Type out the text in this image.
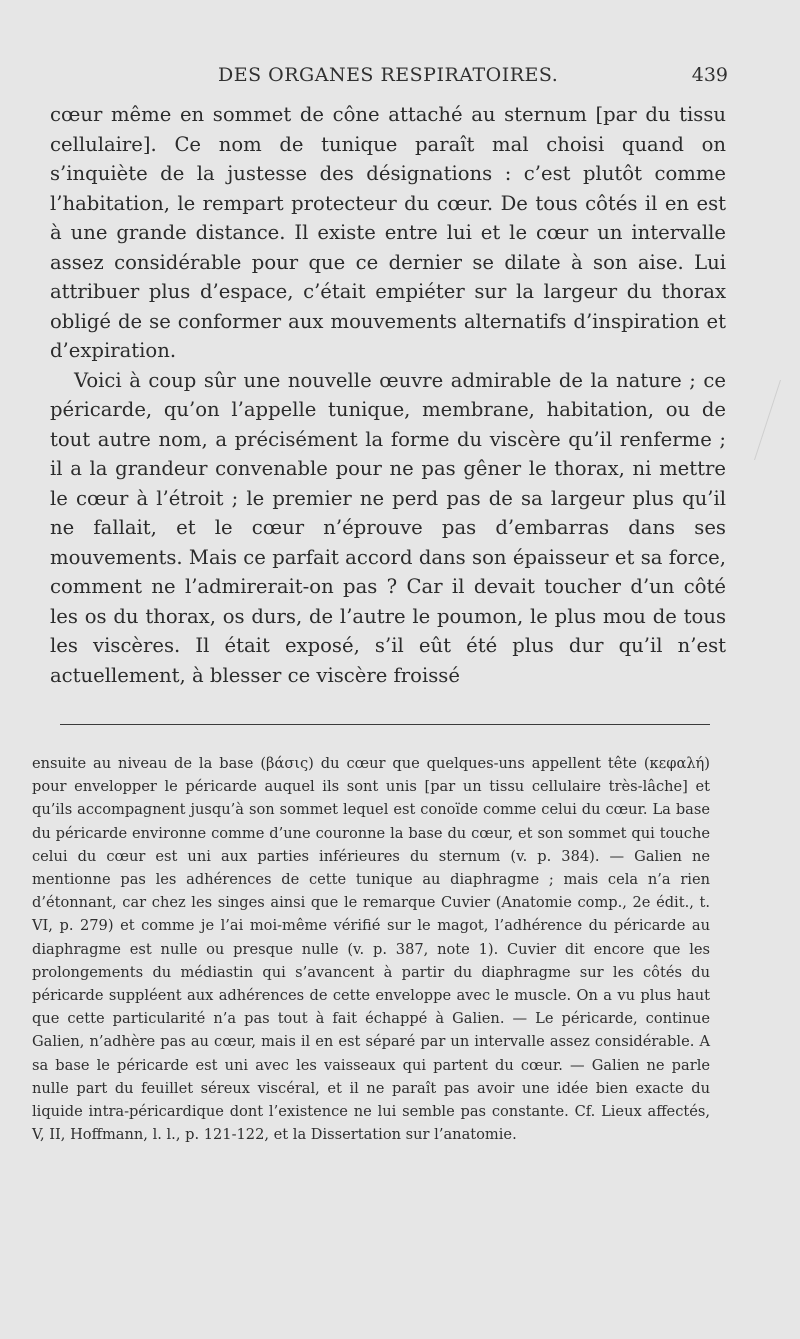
DES ORGANES RESPIRATOIRES.	439

cœur même en sommet de cône attaché au sternum [par du tissu cellulaire]. Ce nom de tunique paraît mal choisi quand on s’inquiète de la justesse des désignations : c’est plutôt comme l’habitation, le rempart protecteur du cœur. De tous côtés il en est à une grande distance. Il existe entre lui et le cœur un intervalle assez considérable pour que ce dernier se dilate à son aise. Lui attribuer plus d’espace, c’était empiéter sur la largeur du thorax obligé de se conformer aux mouvements alternatifs d’inspiration et d’expiration.

Voici à coup sûr une nouvelle œuvre admirable de la nature ; ce péricarde, qu’on l’appelle tunique, membrane, habitation, ou de tout autre nom, a précisément la forme du viscère qu’il renferme ; il a la grandeur convenable pour ne pas gêner le thorax, ni mettre le cœur à l’étroit ; le premier ne perd pas de sa largeur plus qu’il ne fallait, et le cœur n’éprouve pas d’embarras dans ses mouvements. Mais ce parfait accord dans son épaisseur et sa force, comment ne l’admirerait-on pas ? Car il devait toucher d’un côté les os du thorax, os durs, de l’autre le poumon, le plus mou de tous les viscères. Il était exposé, s’il eût été plus dur qu’il n’est actuellement, à blesser ce viscère froissé

ensuite au niveau de la base (βάσις) du cœur que quelques-uns appellent tête (κεφαλή) pour envelopper le péricarde auquel ils sont unis [par un tissu cellulaire très-lâche] et qu’ils accompagnent jusqu’à son sommet lequel est conoïde comme celui du cœur. La base du péricarde environne comme d’une couronne la base du cœur, et son sommet qui touche celui du cœur est uni aux parties inférieures du sternum (v. p. 384). — Galien ne mentionne pas les adhérences de cette tunique au diaphragme ; mais cela n’a rien d’étonnant, car chez les singes ainsi que le remarque Cuvier (Anatomie comp., 2e édit., t. VI, p. 279) et comme je l’ai moi-même vérifié sur le magot, l’adhérence du péricarde au diaphragme est nulle ou presque nulle (v. p. 387, note 1). Cuvier dit encore que les prolongements du médiastin qui s’avancent à partir du diaphragme sur les côtés du péricarde suppléent aux adhérences de cette enveloppe avec le muscle. On a vu plus haut que cette particularité n’a pas tout à fait échappé à Galien. — Le péricarde, continue Galien, n’adhère pas au cœur, mais il en est séparé par un intervalle assez considérable. A sa base le péricarde est uni avec les vaisseaux qui partent du cœur. — Galien ne parle nulle part du feuillet séreux viscéral, et il ne paraît pas avoir une idée bien exacte du liquide intra-péricardique dont l’existence ne lui semble pas constante. Cf. Lieux affectés, V, II, Hoffmann, l. l., p. 121-122, et la Dissertation sur l’anatomie.
